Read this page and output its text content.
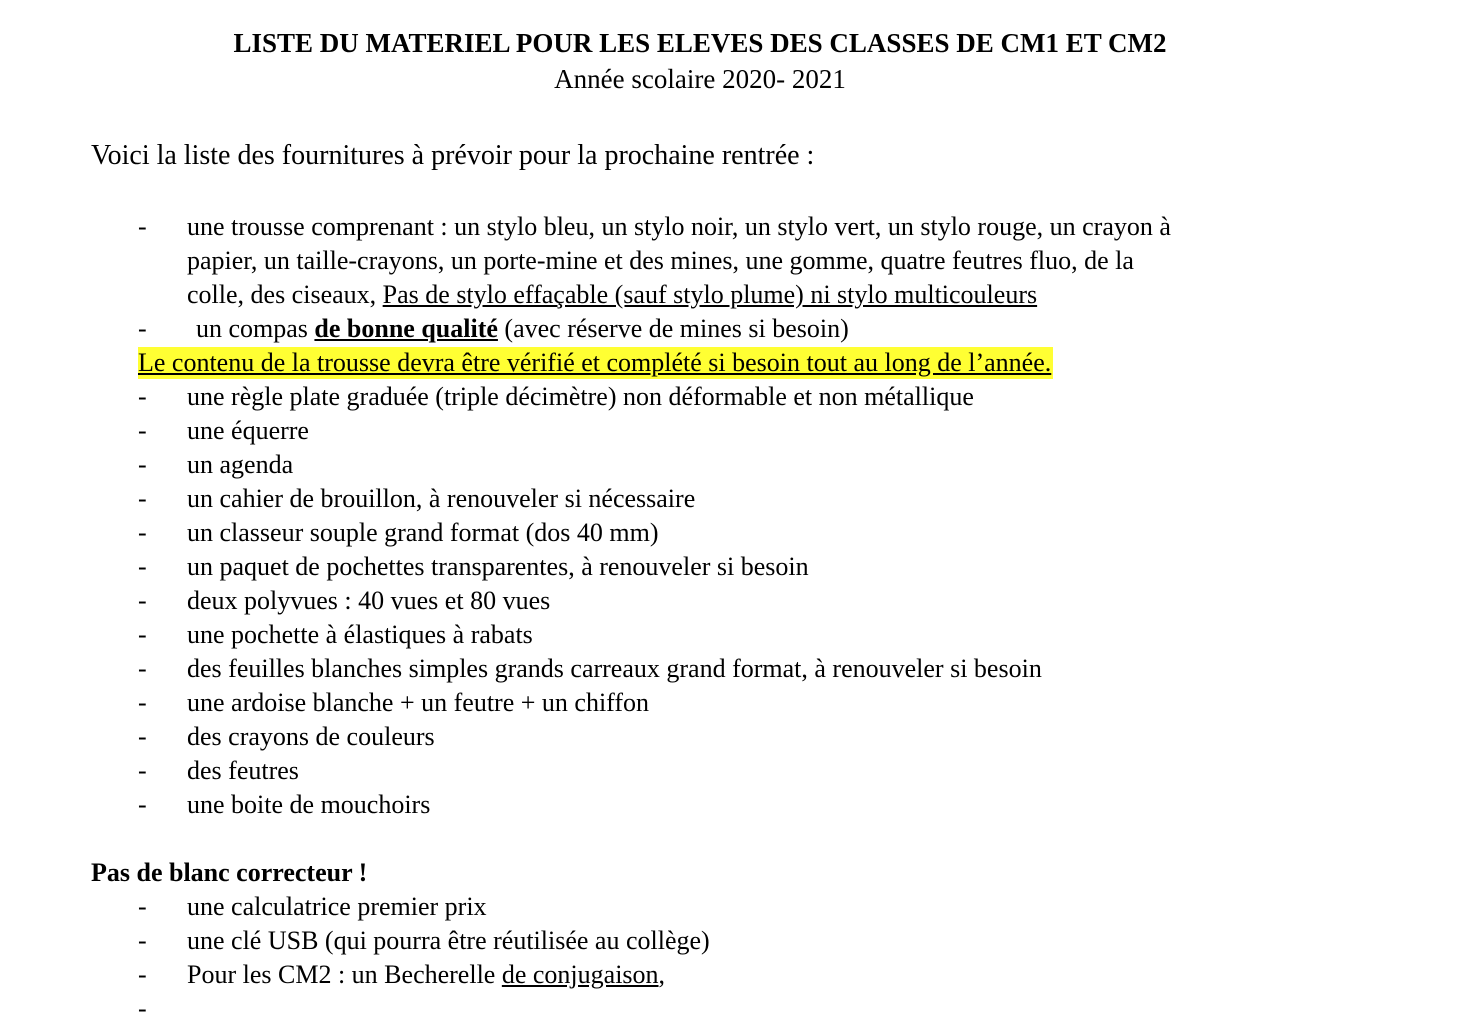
LISTE DU MATERIEL POUR LES ELEVES DES CLASSES DE CM1 ET CM2
Année scolaire 2020- 2021
Voici la liste des fournitures à prévoir pour la prochaine rentrée :
- une trousse comprenant : un stylo bleu, un stylo noir, un stylo vert, un stylo rouge, un crayon à
papier, un taille-crayons, un porte-mine et des mines, une gomme, quatre feutres fluo, de la
colle, des ciseaux, Pas de stylo effaçable (sauf stylo plume) ni stylo multicouleurs
- un compas de bonne qualité (avec réserve de mines si besoin)
Le contenu de la trousse devra être vérifié et complété si besoin tout au long de l’année.
- une règle plate graduée (triple décimètre) non déformable et non métallique
- une équerre
- un agenda
- un cahier de brouillon, à renouveler si nécessaire
- un classeur souple grand format (dos 40 mm)
- un paquet de pochettes transparentes, à renouveler si besoin
- deux polyvues : 40 vues et 80 vues
- une pochette à élastiques à rabats
- des feuilles blanches simples grands carreaux grand format, à renouveler si besoin
- une ardoise blanche + un feutre + un chiffon
- des crayons de couleurs
- des feutres
- une boite de mouchoirs
Pas de blanc correcteur !
- une calculatrice premier prix
- une clé USB (qui pourra être réutilisée au collège)
- Pour les CM2 : un Becherelle de conjugaison,
-
